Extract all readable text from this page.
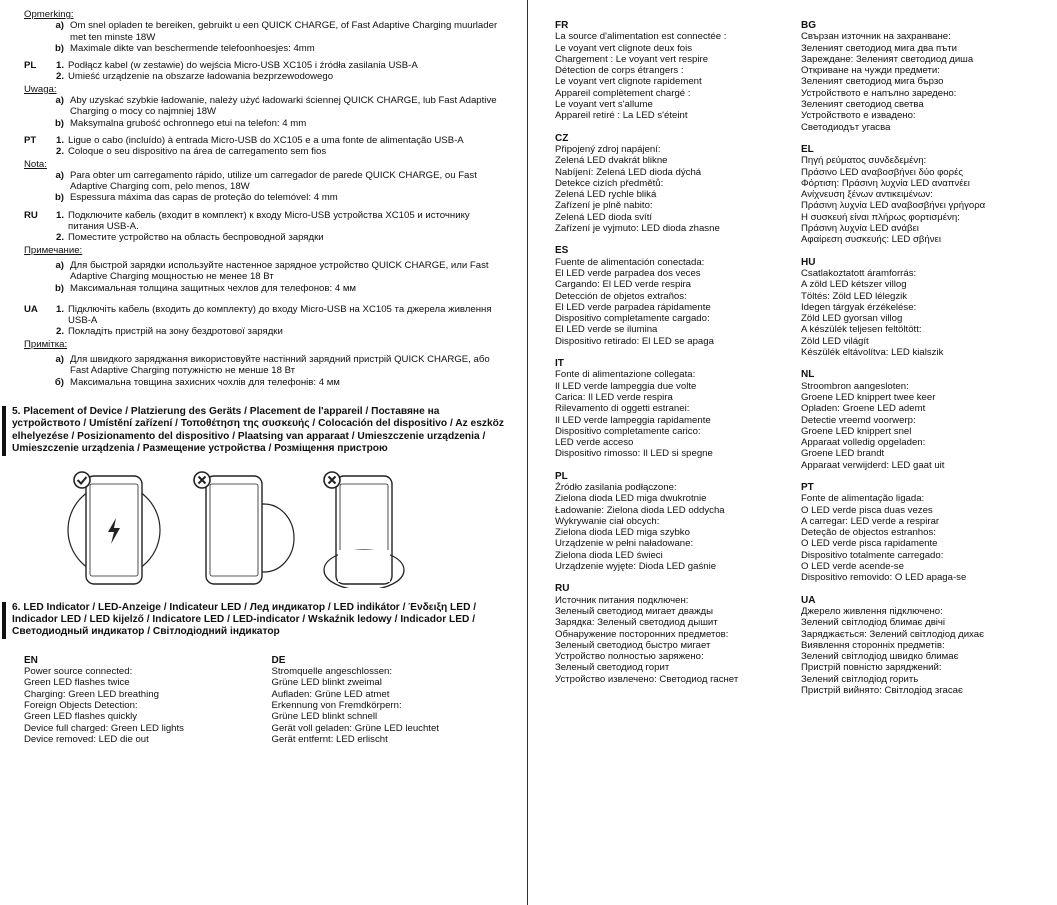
Opmerking:
a) Om snel opladen te bereiken, gebruikt u een QUICK CHARGE, of Fast Adaptive Charging muurlader met ten minste 18W
b) Maximale dikte van beschermende telefoonhoesjes: 4mm
PL	1. Podłącz kabel (w zestawie) do wejścia Micro-USB XC105 i źródła zasilania USB-A
2. Umieść urządzenie na obszarze ładowania bezprzewodowego
Uwaga:
a) Aby uzyskać szybkie ładowanie, należy użyć ładowarki ściennej QUICK CHARGE, lub Fast Adaptive Charging o mocy co najmniej 18W
b) Maksymalna grubość ochronnego etui na telefon: 4 mm
PT	1. Ligue o cabo (incluído) à entrada Micro-USB do XC105 e a uma fonte de alimentação USB-A
2. Coloque o seu dispositivo na área de carregamento sem fios
Nota:
a) Para obter um carregamento rápido, utilize um carregador de parede QUICK CHARGE, ou Fast Adaptive Charging com, pelo menos, 18W
b) Espessura máxima das capas de proteção do telemóvel: 4 mm
RU	1. Подключите кабель (входит в комплект) к входу Micro-USB устройства XC105 и источнику питания USB-A.
2. Поместите устройство на область беспроводной зарядки
Примечание:
a) Для быстрой зарядки используйте настенное зарядное устройство QUICK CHARGE, или Fast Adaptive Charging мощностью не менее 18 Вт
b) Максимальная толщина защитных чехлов для телефонов: 4 мм
UA	1. Підключіть кабель (входить до комплекту) до входу Micro-USB на XC105 та джерела живлення USB-A
2. Покладіть пристрій на зону бездротової зарядки
Примітка:
a) Для швидкого заряджання використовуйте настінний зарядний пристрій QUICK CHARGE, або Fast Adaptive Charging потужністю не менше 18 Вт
б) Максимальна товщина захисних чохлів для телефонів: 4 мм
5. Placement of Device / Platzierung des Geräts / Placement de l'appareil / Поставяне на устройството / Umístění zařízení / Τοποθέτηση της συσκευής / Colocación del dispositivo / Az eszköz elhelyezése / Posizionamento del dispositivo / Plaatsing van apparaat / Umieszczenie urządzenia / Umieszczenie urządzenia / Размещение устройства / Розміщення пристрою
6. LED Indicator / LED-Anzeige / Indicateur LED / Лед индикатор / LED indikátor / Ένδειξη LED / Indicador LED / LED kijelző / Indicatore LED / LED-indicator / Wskaźnik ledowy / Indicador LED / Светодиодный индикатор / Світлодіодний індикатор
EN
Power source connected:
Green LED flashes twice
Charging: Green LED breathing
Foreign Objects Detection:
Green LED flashes quickly
Device full charged: Green LED lights
Device removed: LED die out
DE
Stromquelle angeschlossen:
Grüne LED blinkt zweimal
Aufladen: Grüne LED atmet
Erkennung von Fremdkörpern:
Grüne LED blinkt schnell
Gerät voll geladen: Grüne LED leuchtet
Gerät entfernt: LED erlischt
FR
La source d'alimentation est connectée :
Le voyant vert clignote deux fois
Chargement : Le voyant vert respire
Détection de corps étrangers :
Le voyant vert clignote rapidement
Appareil complètement chargé :
Le voyant vert s'allume
Appareil retiré : La LED s'éteint
CZ
Připojený zdroj napájení:
Zelená LED dvakrát blikne
Nabíjení: Zelená LED dioda dýchá
Detekce cizích předmětů:
Zelená LED rychle bliká
Zařízení je plně nabito:
Zelená LED dioda svítí
Zařízení je vyjmuto: LED dioda zhasne
ES
Fuente de alimentación conectada:
El LED verde parpadea dos veces
Cargando: El LED verde respira
Detección de objetos extraños:
El LED verde parpadea rápidamente
Dispositivo completamente cargado:
El LED verde se ilumina
Dispositivo retirado: El LED se apaga
IT
Fonte di alimentazione collegata:
Il LED verde lampeggia due volte
Carica: Il LED verde respira
Rilevamento di oggetti estranei:
Il LED verde lampeggia rapidamente
Dispositivo completamente carico:
LED verde acceso
Dispositivo rimosso: Il LED si spegne
PL
Źródło zasilania podłączone:
Zielona dioda LED miga dwukrotnie
Ładowanie: Zielona dioda LED oddycha
Wykrywanie ciał obcych:
Zielona dioda LED miga szybko
Urządzenie w pełni naładowane:
Zielona dioda LED świeci
Urządzenie wyjęte: Dioda LED gaśnie
RU
Источник питания подключен:
Зеленый светодиод мигает дважды
Зарядка: Зеленый светодиод дышит
Обнаружение посторонних предметов:
Зеленый светодиод быстро мигает
Устройство полностью заряжено:
Зеленый светодиод горит
Устройство извлечено: Светодиод гаснет
BG
Свързан източник на захранване:
Зеленият светодиод мига два пъти
Зареждане: Зеленият светодиод диша
Откриване на чужди предмети:
Зеленият светодиод мига бързо
Устройството е напълно заредено:
Зеленият светодиод светва
Устройството е извадено:
Светодиодът угасва
EL
Πηγή ρεύματος συνδεδεμένη:
Πράσινο LED αναβοσβήνει δύο φορές
Φόρτιση: Πράσινη λυχνία LED αναπνέει
Ανίχνευση ξένων αντικειμένων:
Πράσινη λυχνία LED αναβοσβήνει γρήγορα
Η συσκευή είναι πλήρως φορτισμένη:
Πράσινη λυχνία LED ανάβει
Αφαίρεση συσκευής: LED σβήνει
HU
Csatlakoztatott áramforrás:
A zöld LED kétszer villog
Töltés: Zöld LED lélegzik
Idegen tárgyak érzékelése:
Zöld LED gyorsan villog
A készülék teljesen feltöltött:
Zöld LED világít
Készülék eltávolítva: LED kialszik
NL
Stroombron aangesloten:
Groene LED knippert twee keer
Opladen: Groene LED ademt
Detectie vreemd voorwerp:
Groene LED knippert snel
Apparaat volledig opgeladen:
Groene LED brandt
Apparaat verwijderd: LED gaat uit
PT
Fonte de alimentação ligada:
O LED verde pisca duas vezes
A carregar: LED verde a respirar
Deteção de objectos estranhos:
O LED verde pisca rapidamente
Dispositivo totalmente carregado:
O LED verde acende-se
Dispositivo removido: O LED apaga-se
UA
Джерело живлення підключено:
Зелений світлодіод блимає двічі
Заряджається: Зелений світлодіод дихає
Виявлення сторонніх предметів:
Зелений світлодіод швидко блимає
Пристрій повністю заряджений:
Зелений світлодіод горить
Пристрій вийнято: Світлодіод згасає
